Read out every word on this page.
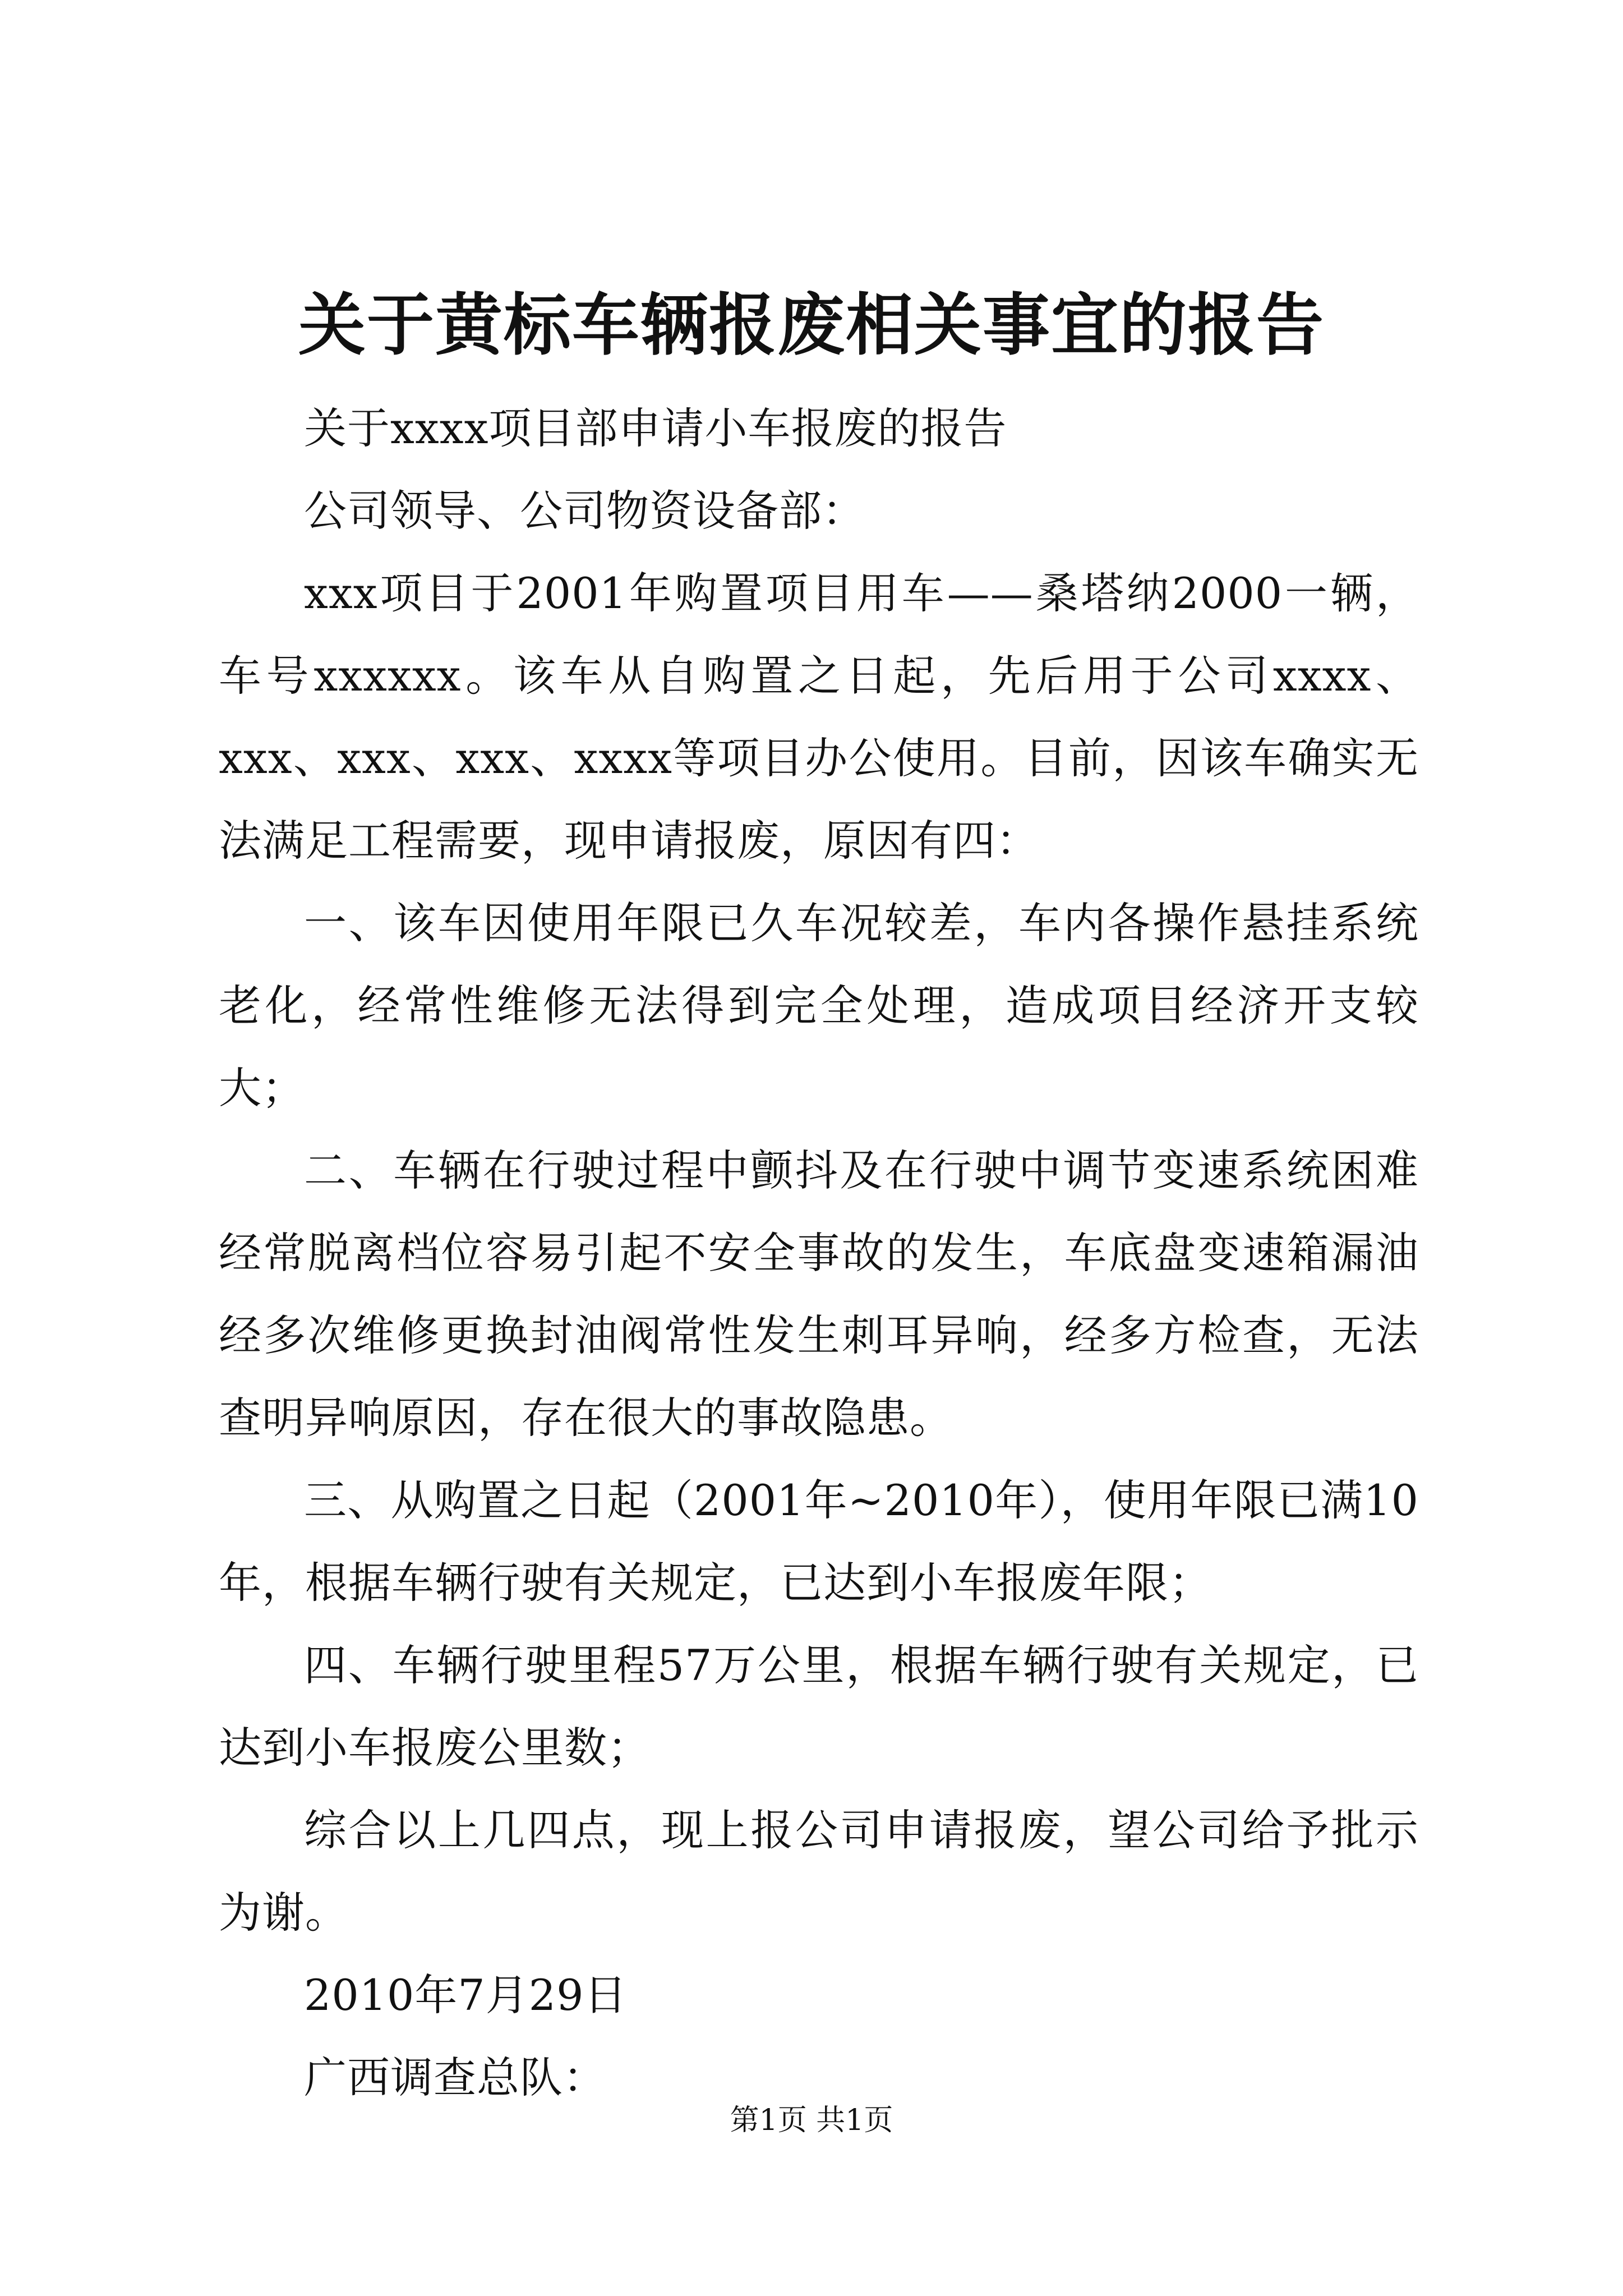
关于黄标车辆报废相关事宜的报告

关于xxxx项目部申请小车报废的报告

公司领导、公司物资设备部：

xxx项目于2001年购置项目用车——桑塔纳2000一辆，车号xxxxxx。该车从自购置之日起，先后用于公司xxxx、xxx、xxx、xxx、xxxx等项目办公使用。目前，因该车确实无法满足工程需要，现申请报废，原因有四：

一、该车因使用年限已久车况较差，车内各操作悬挂系统老化，经常性维修无法得到完全处理，造成项目经济开支较大；

二、车辆在行驶过程中颤抖及在行驶中调节变速系统困难经常脱离档位容易引起不安全事故的发生，车底盘变速箱漏油经多次维修更换封油阀常性发生刺耳异响，经多方检查，无法查明异响原因，存在很大的事故隐患。

三、从购置之日起（2001年~2010年），使用年限已满10年，根据车辆行驶有关规定，已达到小车报废年限；

四、车辆行驶里程57万公里，根据车辆行驶有关规定，已达到小车报废公里数；

综合以上几四点，现上报公司申请报废，望公司给予批示为谢。

2010年7月29日

广西调查总队：

第1页 共1页
